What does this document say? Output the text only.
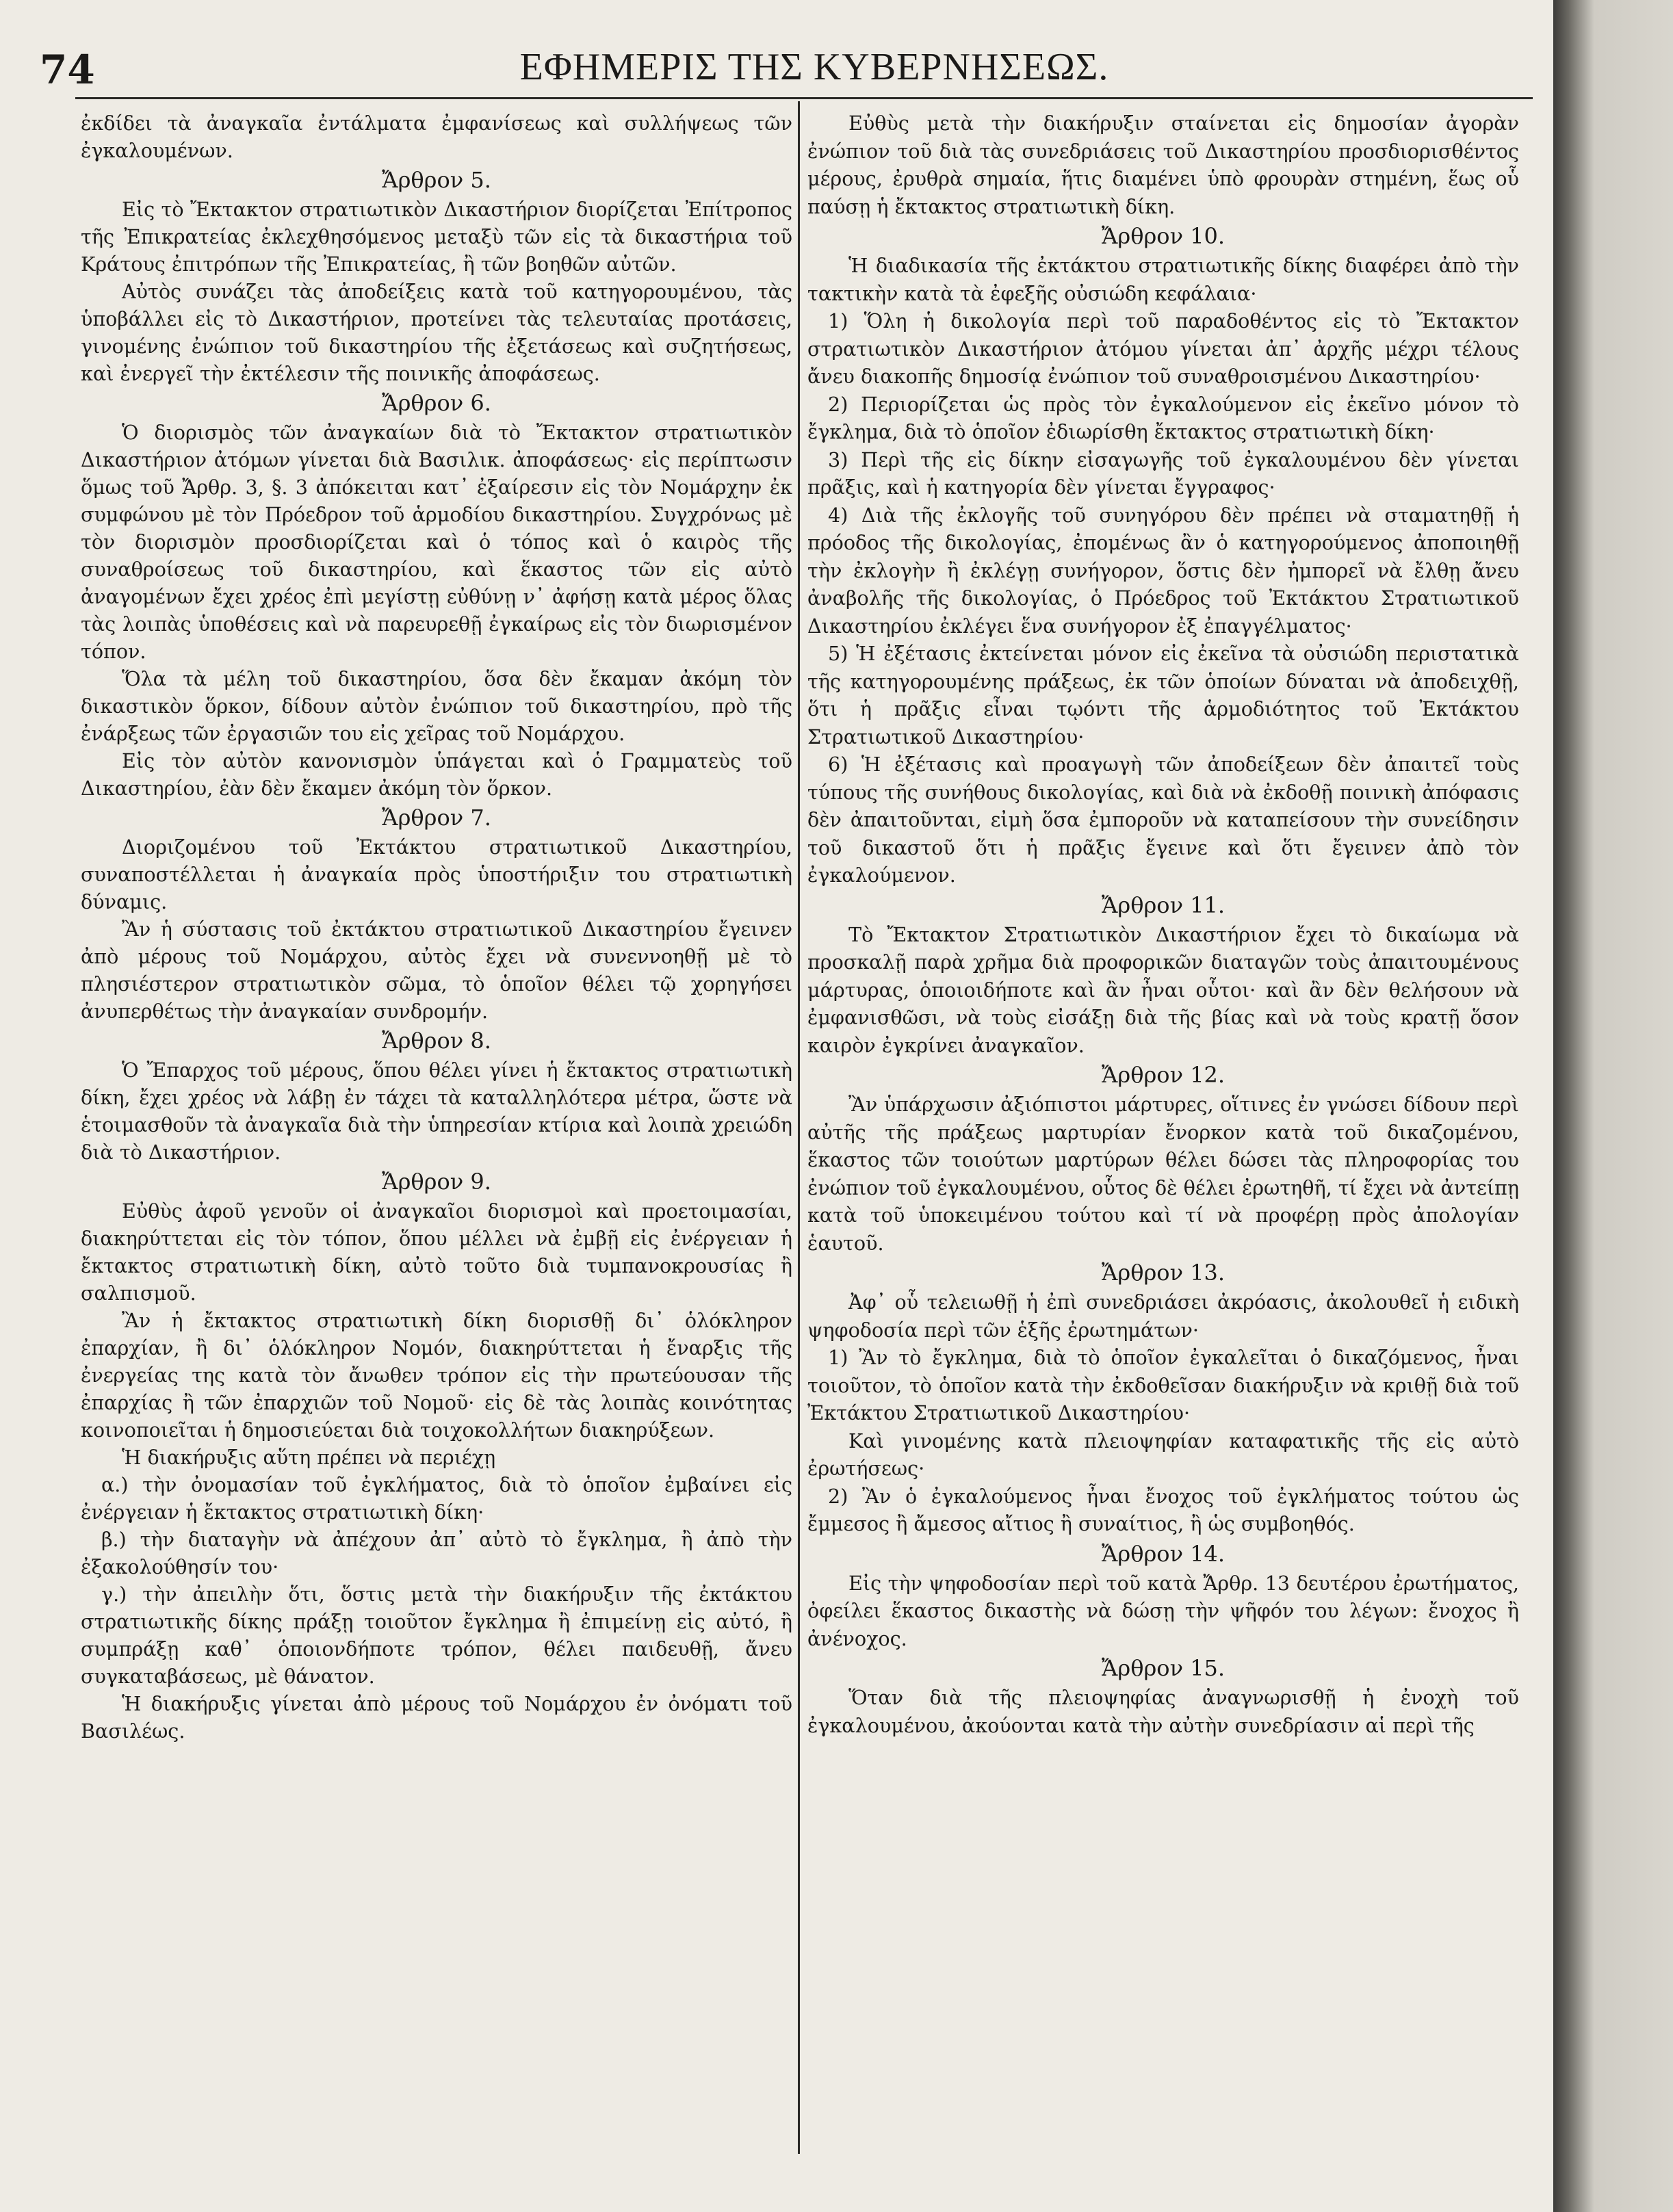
74	ΕΦΗΜΕΡΙΣ ΤΗΣ ΚΥΒΕΡΝΗΣΕΩΣ.

ἐκδίδει τὰ ἀναγκαῖα ἐντάλματα ἐμφανίσεως καὶ συλλήψεως τῶν ἐγκαλουμένων.

Ἄρθρον 5.

Εἰς τὸ Ἔκτακτον στρατιωτικὸν Δικαστήριον διορίζεται Ἐπίτροπος τῆς Ἐπικρατείας ἐκλεχθησόμενος μεταξὺ τῶν εἰς τὰ δικαστήρια τοῦ Κράτους ἐπιτρόπων τῆς Ἐπικρατείας, ἢ τῶν βοηθῶν αὐτῶν.

Αὐτὸς συνάζει τὰς ἀποδείξεις κατὰ τοῦ κατηγορουμένου, τὰς ὑποβάλλει εἰς τὸ Δικαστήριον, προτείνει τὰς τελευταίας προτάσεις, γινομένης ἐνώπιον τοῦ δικαστηρίου τῆς ἐξετάσεως καὶ συζητήσεως, καὶ ἐνεργεῖ τὴν ἐκτέλεσιν τῆς ποινικῆς ἀποφάσεως.

Ἄρθρον 6.

Ὁ διορισμὸς τῶν ἀναγκαίων διὰ τὸ Ἔκτακτον στρατιωτικὸν Δικαστήριον ἀτόμων γίνεται διὰ Βασιλικ. ἀποφάσεως· εἰς περίπτωσιν ὅμως τοῦ Ἄρθρ. 3, §. 3 ἀπόκειται κατ᾽ ἐξαίρεσιν εἰς τὸν Νομάρχην ἐκ συμφώνου μὲ τὸν Πρόεδρον τοῦ ἁρμοδίου δικαστηρίου. Συγχρόνως μὲ τὸν διορισμὸν προσδιορίζεται καὶ ὁ τόπος καὶ ὁ καιρὸς τῆς συναθροίσεως τοῦ δικαστηρίου, καὶ ἕκαστος τῶν εἰς αὐτὸ ἀναγομένων ἔχει χρέος ἐπὶ μεγίστῃ εὐθύνῃ ν᾽ ἀφήσῃ κατὰ μέρος ὅλας τὰς λοιπὰς ὑποθέσεις καὶ νὰ παρευρεθῇ ἐγκαίρως εἰς τὸν διωρισμένον τόπον.

Ὅλα τὰ μέλη τοῦ δικαστηρίου, ὅσα δὲν ἔκαμαν ἀκόμη τὸν δικαστικὸν ὅρκον, δίδουν αὐτὸν ἐνώπιον τοῦ δικαστηρίου, πρὸ τῆς ἐνάρξεως τῶν ἐργασιῶν του εἰς χεῖρας τοῦ Νομάρχου.

Εἰς τὸν αὐτὸν κανονισμὸν ὑπάγεται καὶ ὁ Γραμματεὺς τοῦ Δικαστηρίου, ἐὰν δὲν ἔκαμεν ἀκόμη τὸν ὅρκον.

Ἄρθρον 7.

Διοριζομένου τοῦ Ἐκτάκτου στρατιωτικοῦ Δικαστηρίου, συναποστέλλεται ἡ ἀναγκαία πρὸς ὑποστήριξιν του στρατιωτικὴ δύναμις.

Ἂν ἡ σύστασις τοῦ ἐκτάκτου στρατιωτικοῦ Δικαστηρίου ἔγεινεν ἀπὸ μέρους τοῦ Νομάρχου, αὐτὸς ἔχει νὰ συνεννοηθῇ μὲ τὸ πλησιέστερον στρατιωτικὸν σῶμα, τὸ ὁποῖον θέλει τῷ χορηγήσει ἀνυπερθέτως τὴν ἀναγκαίαν συνδρομήν.

Ἄρθρον 8.

Ὁ Ἔπαρχος τοῦ μέρους, ὅπου θέλει γίνει ἡ ἔκτακτος στρατιωτικὴ δίκη, ἔχει χρέος νὰ λάβῃ ἐν τάχει τὰ καταλληλότερα μέτρα, ὥστε νὰ ἑτοιμασθοῦν τὰ ἀναγκαῖα διὰ τὴν ὑπηρεσίαν κτίρια καὶ λοιπὰ χρειώδη διὰ τὸ Δικαστήριον.

Ἄρθρον 9.

Εὐθὺς ἀφοῦ γενοῦν οἱ ἀναγκαῖοι διορισμοὶ καὶ προετοιμασίαι, διακηρύττεται εἰς τὸν τόπον, ὅπου μέλλει νὰ ἐμβῇ εἰς ἐνέργειαν ἡ ἔκτακτος στρατιωτικὴ δίκη, αὐτὸ τοῦτο διὰ τυμπανοκρουσίας ἢ σαλπισμοῦ.

Ἂν ἡ ἔκτακτος στρατιωτικὴ δίκη διορισθῇ δι᾽ ὁλόκληρον ἐπαρχίαν, ἢ δι᾽ ὁλόκληρον Νομόν, διακηρύττεται ἡ ἔναρξις τῆς ἐνεργείας της κατὰ τὸν ἄνωθεν τρόπον εἰς τὴν πρωτεύουσαν τῆς ἐπαρχίας ἢ τῶν ἐπαρχιῶν τοῦ Νομοῦ· εἰς δὲ τὰς λοιπὰς κοινότητας κοινοποιεῖται ἡ δημοσιεύεται διὰ τοιχοκολλήτων διακηρύξεων.

Ἡ διακήρυξις αὕτη πρέπει νὰ περιέχῃ

α.) τὴν ὀνομασίαν τοῦ ἐγκλήματος, διὰ τὸ ὁποῖον ἐμβαίνει εἰς ἐνέργειαν ἡ ἔκτακτος στρατιωτικὴ δίκη·

β.) τὴν διαταγὴν νὰ ἀπέχουν ἀπ᾽ αὐτὸ τὸ ἔγκλημα, ἢ ἀπὸ τὴν ἐξακολούθησίν του·

γ.) τὴν ἀπειλὴν ὅτι, ὅστις μετὰ τὴν διακήρυξιν τῆς ἐκτάκτου στρατιωτικῆς δίκης πράξῃ τοιοῦτον ἔγκλημα ἢ ἐπιμείνῃ εἰς αὐτό, ἢ συμπράξῃ καθ᾽ ὁποιονδήποτε τρόπον, θέλει παιδευθῇ, ἄνευ συγκαταβάσεως, μὲ θάνατον.

Ἡ διακήρυξις γίνεται ἀπὸ μέρους τοῦ Νομάρχου ἐν ὀνόματι τοῦ Βασιλέως.

Εὐθὺς μετὰ τὴν διακήρυξιν σταίνεται εἰς δημοσίαν ἀγορὰν ἐνώπιον τοῦ διὰ τὰς συνεδριάσεις τοῦ Δικαστηρίου προσδιορισθέντος μέρους, ἐρυθρὰ σημαία, ἥτις διαμένει ὑπὸ φρουρὰν στημένη, ἕως οὗ παύσῃ ἡ ἔκτακτος στρατιωτικὴ δίκη.

Ἄρθρον 10.

Ἡ διαδικασία τῆς ἐκτάκτου στρατιωτικῆς δίκης διαφέρει ἀπὸ τὴν τακτικὴν κατὰ τὰ ἐφεξῆς οὐσιώδη κεφάλαια·

1) Ὅλη ἡ δικολογία περὶ τοῦ παραδοθέντος εἰς τὸ Ἔκτακτον στρατιωτικὸν Δικαστήριον ἀτόμου γίνεται ἀπ᾽ ἀρχῆς μέχρι τέλους ἄνευ διακοπῆς δημοσίᾳ ἐνώπιον τοῦ συναθροισμένου Δικαστηρίου·

2) Περιορίζεται ὡς πρὸς τὸν ἐγκαλούμενον εἰς ἐκεῖνο μόνον τὸ ἔγκλημα, διὰ τὸ ὁποῖον ἐδιωρίσθη ἔκτακτος στρατιωτικὴ δίκη·

3) Περὶ τῆς εἰς δίκην εἰσαγωγῆς τοῦ ἐγκαλουμένου δὲν γίνεται πρᾶξις, καὶ ἡ κατηγορία δὲν γίνεται ἔγγραφος·

4) Διὰ τῆς ἐκλογῆς τοῦ συνηγόρου δὲν πρέπει νὰ σταματηθῇ ἡ πρόοδος τῆς δικολογίας, ἐπομένως ἂν ὁ κατηγορούμενος ἀποποιηθῇ τὴν ἐκλογὴν ἢ ἐκλέγῃ συνήγορον, ὅστις δὲν ἠμπορεῖ νὰ ἔλθῃ ἄνευ ἀναβολῆς τῆς δικολογίας, ὁ Πρόεδρος τοῦ Ἐκτάκτου Στρατιωτικοῦ Δικαστηρίου ἐκλέγει ἕνα συνήγορον ἐξ ἐπαγγέλματος·

5) Ἡ ἐξέτασις ἐκτείνεται μόνον εἰς ἐκεῖνα τὰ οὐσιώδη περιστατικὰ τῆς κατηγορουμένης πράξεως, ἐκ τῶν ὁποίων δύναται νὰ ἀποδειχθῇ, ὅτι ἡ πρᾶξις εἶναι τῳόντι τῆς ἁρμοδιότητος τοῦ Ἐκτάκτου Στρατιωτικοῦ Δικαστηρίου·

6) Ἡ ἐξέτασις καὶ προαγωγὴ τῶν ἀποδείξεων δὲν ἀπαιτεῖ τοὺς τύπους τῆς συνήθους δικολογίας, καὶ διὰ νὰ ἐκδοθῇ ποινικὴ ἀπόφασις δὲν ἀπαιτοῦνται, εἰμὴ ὅσα ἐμποροῦν νὰ καταπείσουν τὴν συνείδησιν τοῦ δικαστοῦ ὅτι ἡ πρᾶξις ἔγεινε καὶ ὅτι ἔγεινεν ἀπὸ τὸν ἐγκαλούμενον.

Ἄρθρον 11.

Τὸ Ἔκτακτον Στρατιωτικὸν Δικαστήριον ἔχει τὸ δικαίωμα νὰ προσκαλῇ παρὰ χρῆμα διὰ προφορικῶν διαταγῶν τοὺς ἀπαιτουμένους μάρτυρας, ὁποιοιδήποτε καὶ ἂν ἦναι οὗτοι· καὶ ἂν δὲν θελήσουν νὰ ἐμφανισθῶσι, νὰ τοὺς εἰσάξῃ διὰ τῆς βίας καὶ νὰ τοὺς κρατῇ ὅσον καιρὸν ἐγκρίνει ἀναγκαῖον.

Ἄρθρον 12.

Ἂν ὑπάρχωσιν ἀξιόπιστοι μάρτυρες, οἵτινες ἐν γνώσει δίδουν περὶ αὐτῆς τῆς πράξεως μαρτυρίαν ἔνορκον κατὰ τοῦ δικαζομένου, ἕκαστος τῶν τοιούτων μαρτύρων θέλει δώσει τὰς πληροφορίας του ἐνώπιον τοῦ ἐγκαλουμένου, οὗτος δὲ θέλει ἐρωτηθῆ, τί ἔχει νὰ ἀντείπῃ κατὰ τοῦ ὑποκειμένου τούτου καὶ τί νὰ προφέρῃ πρὸς ἀπολογίαν ἑαυτοῦ.

Ἄρθρον 13.

Ἀφ᾽ οὗ τελειωθῇ ἡ ἐπὶ συνεδριάσει ἀκρόασις, ἀκολουθεῖ ἡ ειδικὴ ψηφοδοσία περὶ τῶν ἑξῆς ἐρωτημάτων·

1) Ἂν τὸ ἔγκλημα, διὰ τὸ ὁποῖον ἐγκαλεῖται ὁ δικαζόμενος, ἦναι τοιοῦτον, τὸ ὁποῖον κατὰ τὴν ἐκδοθεῖσαν διακήρυξιν νὰ κριθῇ διὰ τοῦ Ἐκτάκτου Στρατιωτικοῦ Δικαστηρίου·

Καὶ γινομένης κατὰ πλειοψηφίαν καταφατικῆς τῆς εἰς αὐτὸ ἐρωτήσεως·

2) Ἂν ὁ ἐγκαλούμενος ἦναι ἔνοχος τοῦ ἐγκλήματος τούτου ὡς ἔμμεσος ἢ ἄμεσος αἴτιος ἢ συναίτιος, ἢ ὡς συμβοηθός.

Ἄρθρον 14.

Εἰς τὴν ψηφοδοσίαν περὶ τοῦ κατὰ Ἄρθρ. 13 δευτέρου ἐρωτήματος, ὀφείλει ἕκαστος δικαστὴς νὰ δώσῃ τὴν ψῆφόν του λέγων: ἔνοχος ἢ ἀνένοχος.

Ἄρθρον 15.

Ὅταν διὰ τῆς πλειοψηφίας ἀναγνωρισθῇ ἡ ἐνοχὴ τοῦ ἐγκαλουμένου, ἀκούονται κατὰ τὴν αὐτὴν συνεδρίασιν αἱ περὶ τῆς
